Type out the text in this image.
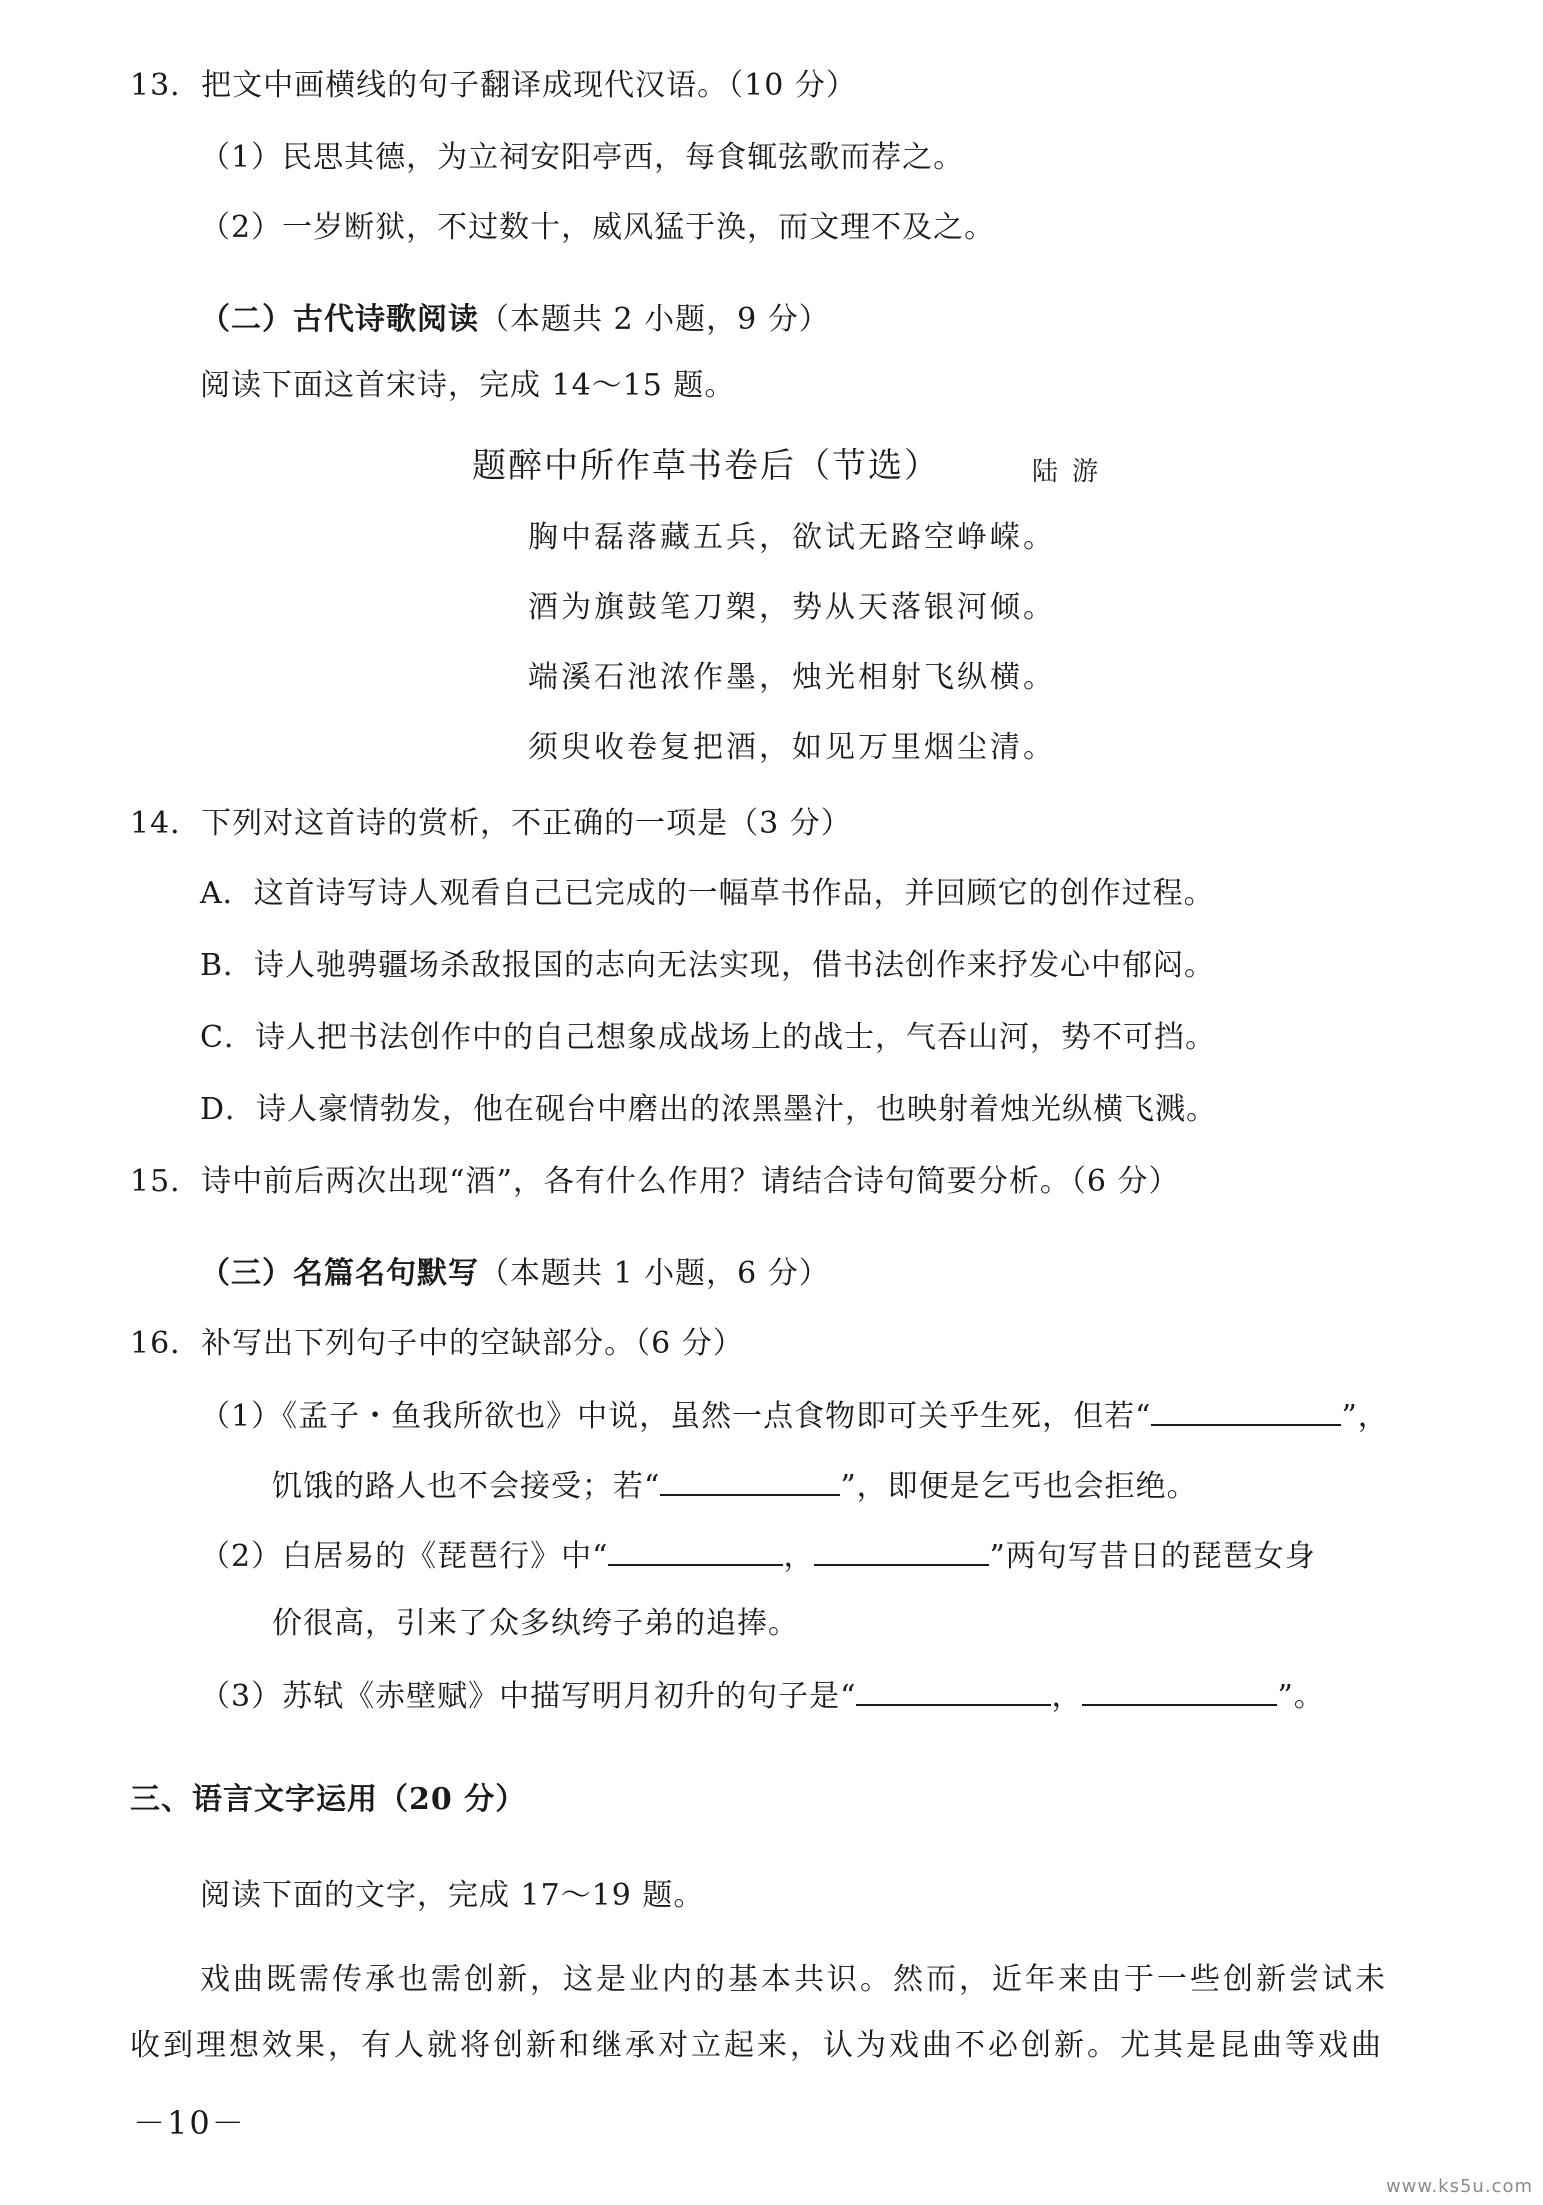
13．把文中画横线的句子翻译成现代汉语。（10 分）
（1）民思其德，为立祠安阳亭西，每食辄弦歌而荐之。
（2）一岁断狱，不过数十，威风猛于涣，而文理不及之。
（二）古代诗歌阅读（本题共 2 小题，9 分）
阅读下面这首宋诗，完成 14～15 题。
题醉中所作草书卷后（节选）	陆游
胸中磊落藏五兵，欲试无路空峥嵘。
酒为旗鼓笔刀槊，势从天落银河倾。
端溪石池浓作墨，烛光相射飞纵横。
须臾收卷复把酒，如见万里烟尘清。
14．下列对这首诗的赏析，不正确的一项是（3 分）
A．这首诗写诗人观看自己已完成的一幅草书作品，并回顾它的创作过程。
B．诗人驰骋疆场杀敌报国的志向无法实现，借书法创作来抒发心中郁闷。
C．诗人把书法创作中的自己想象成战场上的战士，气吞山河，势不可挡。
D．诗人豪情勃发，他在砚台中磨出的浓黑墨汁，也映射着烛光纵横飞溅。
15．诗中前后两次出现“酒”，各有什么作用？请结合诗句简要分析。（6 分）
（三）名篇名句默写（本题共 1 小题，6 分）
16．补写出下列句子中的空缺部分。（6 分）
（1）《孟子・鱼我所欲也》中说，虽然一点食物即可关乎生死，但若“	”，
饥饿的路人也不会接受；若“	”，即便是乞丐也会拒绝。
（2）白居易的《琵琶行》中“	，	”两句写昔日的琵琶女身
价很高，引来了众多纨绔子弟的追捧。
（3）苏轼《赤壁赋》中描写明月初升的句子是“	，	”。
三、语言文字运用（20 分）
阅读下面的文字，完成 17～19 题。
戏曲既需传承也需创新，这是业内的基本共识。然而，近年来由于一些创新尝试未
收到理想效果，有人就将创新和继承对立起来，认为戏曲不必创新。尤其是昆曲等戏曲
－10－
www.ks5u.com
